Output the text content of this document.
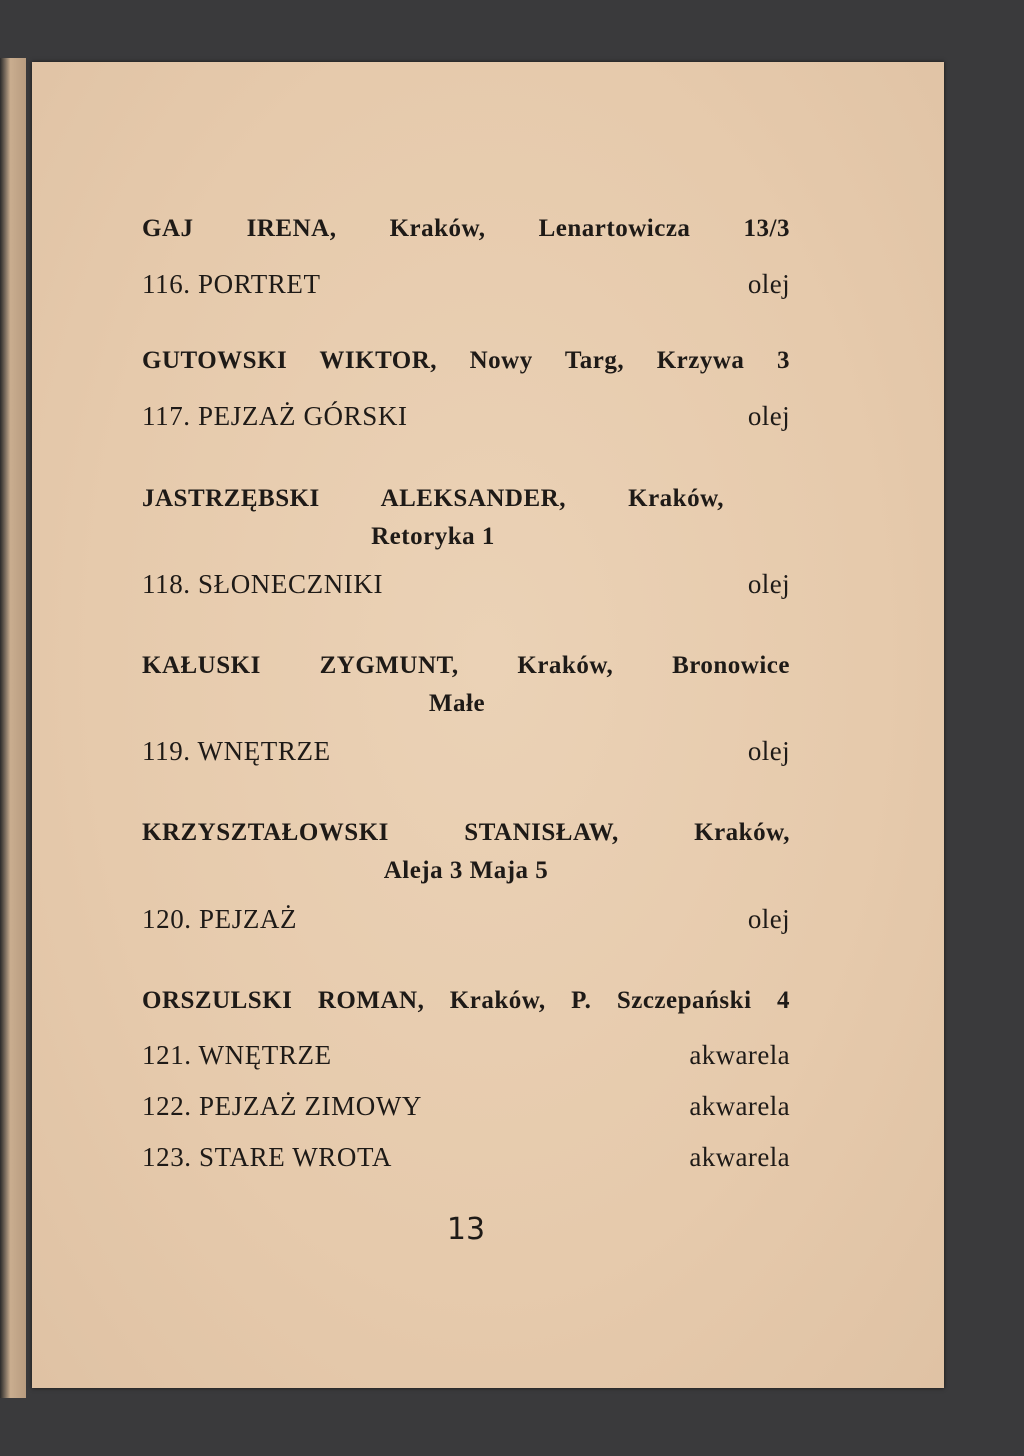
GAJ IRENA, Kraków, Lenartowicza 13/3
116. PORTRET	olej
GUTOWSKI WIKTOR, Nowy Targ, Krzywa 3
117. PEJZAŻ GÓRSKI	olej
JASTRZĘBSKI ALEKSANDER, Kraków,
Retoryka 1
118. SŁONECZNIKI	olej
KAŁUSKI ZYGMUNT, Kraków, Bronowice
Małe
119. WNĘTRZE	olej
KRZYSZTAŁOWSKI STANISŁAW, Kraków,
Aleja 3 Maja 5
120. PEJZAŻ	olej
ORSZULSKI ROMAN, Kraków, P. Szczepański 4
121. WNĘTRZE	akwarela
122. PEJZAŻ ZIMOWY	akwarela
123. STARE WROTA	akwarela
13
